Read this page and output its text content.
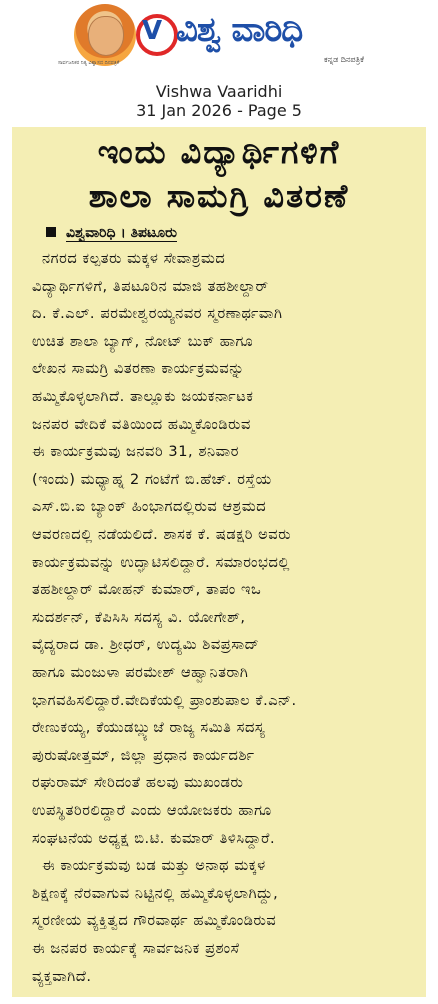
V ವಿಶ್ವ ವಾರಿಧಿ
ಕನ್ನಡ ದಿನಪತ್ರಿಕೆ
ಸಾರ್ವಜನಿಕರ ನಿತ್ಯ ವಿಶ್ವಾಸದ ದಿನಪತ್ರಿಕೆ
Vishwa Vaaridhi
31 Jan 2026 - Page 5
ಇಂದು ವಿದ್ಯಾರ್ಥಿಗಳಿಗೆ
ಶಾಲಾ ಸಾಮಗ್ರಿ ವಿತರಣೆ
ವಿಶ್ವವಾರಿಧಿ । ತಿಪಟೂರು
ನಗರದ ಕಲ್ಪತರು ಮಕ್ಕಳ ಸೇವಾಶ್ರಮದ
ವಿದ್ಯಾರ್ಥಿಗಳಿಗೆ, ತಿಪಟೂರಿನ ಮಾಜಿ ತಹಶೀಲ್ದಾರ್
ದಿ. ಕೆ.ಎಲ್. ಪರಮೇಶ್ವರಯ್ಯನವರ ಸ್ಮರಣಾರ್ಥವಾಗಿ
ಉಚಿತ ಶಾಲಾ ಬ್ಯಾಗ್, ನೋಟ್ ಬುಕ್ ಹಾಗೂ
ಲೇಖನ ಸಾಮಗ್ರಿ ವಿತರಣಾ ಕಾರ್ಯಕ್ರಮವನ್ನು
ಹಮ್ಮಿಕೊಳ್ಳಲಾಗಿದೆ. ತಾಲ್ಲೂಕು ಜಯಕರ್ನಾಟಕ
ಜನಪರ ವೇದಿಕೆ ವತಿಯಿಂದ ಹಮ್ಮಿಕೊಂಡಿರುವ
ಈ ಕಾರ್ಯಕ್ರಮವು ಜನವರಿ 31, ಶನಿವಾರ
(ಇಂದು) ಮಧ್ಯಾಹ್ನ 2 ಗಂಟೆಗೆ ಬಿ.ಹೆಚ್. ರಸ್ತೆಯ
ಎಸ್.ಬಿ.ಐ ಬ್ಯಾಂಕ್ ಹಿಂಭಾಗದಲ್ಲಿರುವ ಆಶ್ರಮದ
ಆವರಣದಲ್ಲಿ ನಡೆಯಲಿದೆ. ಶಾಸಕ ಕೆ. ಷಡಕ್ಷರಿ ಅವರು
ಕಾರ್ಯಕ್ರಮವನ್ನು ಉದ್ಘಾಟಿಸಲಿದ್ದಾರೆ. ಸಮಾರಂಭದಲ್ಲಿ
ತಹಶೀಲ್ದಾರ್ ಮೋಹನ್ ಕುಮಾರ್, ತಾಪಂ ಇಒ
ಸುದರ್ಶನ್, ಕೆಪಿಸಿಸಿ ಸದಸ್ಯ ವಿ. ಯೋಗೇಶ್,
ವೈದ್ಯರಾದ ಡಾ. ಶ್ರೀಧರ್, ಉದ್ಯಮಿ ಶಿವಪ್ರಸಾದ್
ಹಾಗೂ ಮಂಜುಳಾ ಪರಮೇಶ್ ಆಹ್ವಾನಿತರಾಗಿ
ಭಾಗವಹಿಸಲಿದ್ದಾರೆ.ವೇದಿಕೆಯಲ್ಲಿ ಪ್ರಾಂಶುಪಾಲ ಕೆ.ಎನ್.
ರೇಣುಕಯ್ಯ, ಕೆಯುಡಬ್ಲ್ಯುಜೆ ರಾಜ್ಯ ಸಮಿತಿ ಸದಸ್ಯ
ಪುರುಷೋತ್ತಮ್, ಜಿಲ್ಲಾ ಪ್ರಧಾನ ಕಾರ್ಯದರ್ಶಿ
ರಘುರಾಮ್ ಸೇರಿದಂತೆ ಹಲವು ಮುಖಂಡರು
ಉಪಸ್ಥಿತರಿರಲಿದ್ದಾರೆ ಎಂದು ಆಯೋಜಕರು ಹಾಗೂ
ಸಂಘಟನೆಯ ಅಧ್ಯಕ್ಷ ಬಿ.ಟಿ. ಕುಮಾರ್ ತಿಳಿಸಿದ್ದಾರೆ.
ಈ ಕಾರ್ಯಕ್ರಮವು ಬಡ ಮತ್ತು ಅನಾಥ ಮಕ್ಕಳ
ಶಿಕ್ಷಣಕ್ಕೆ ನೆರವಾಗುವ ನಿಟ್ಟಿನಲ್ಲಿ ಹಮ್ಮಿಕೊಳ್ಳಲಾಗಿದ್ದು,
ಸ್ಮರಣೀಯ ವ್ಯಕ್ತಿತ್ವದ ಗೌರವಾರ್ಥ ಹಮ್ಮಿಕೊಂಡಿರುವ
ಈ ಜನಪರ ಕಾರ್ಯಕ್ಕೆ ಸಾರ್ವಜನಿಕ ಪ್ರಶಂಸೆ
ವ್ಯಕ್ತವಾಗಿದೆ.
